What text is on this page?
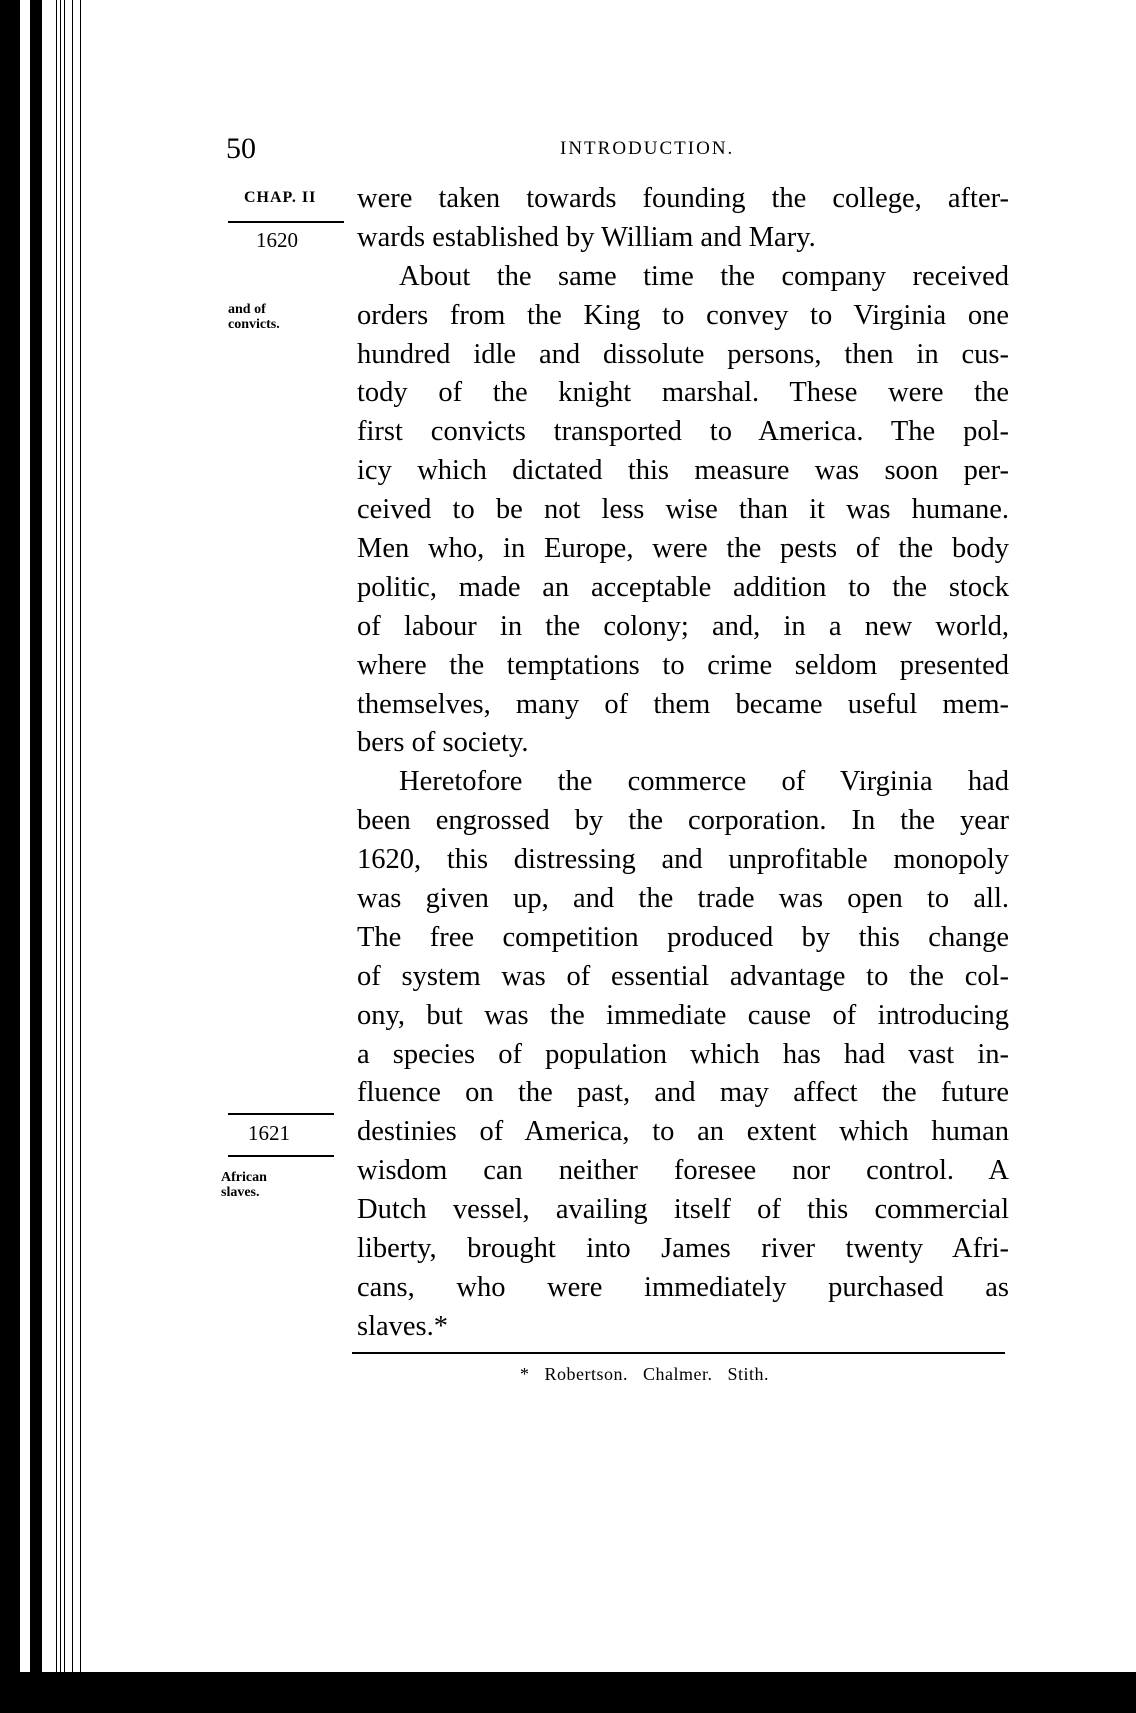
50	INTRODUCTION.
CHAP. II
1620
and of
convicts.
1621
African
slaves.
were taken towards founding the college, after-
wards established by William and Mary.
About the same time the company received
orders from the King to convey to Virginia one
hundred idle and dissolute persons, then in cus-
tody of the knight marshal. These were the
first convicts transported to America. The pol-
icy which dictated this measure was soon per-
ceived to be not less wise than it was humane.
Men who, in Europe, were the pests of the body
politic, made an acceptable addition to the stock
of labour in the colony; and, in a new world,
where the temptations to crime seldom presented
themselves, many of them became useful mem-
bers of society.
Heretofore the commerce of Virginia had
been engrossed by the corporation. In the year
1620, this distressing and unprofitable monopoly
was given up, and the trade was open to all.
The free competition produced by this change
of system was of essential advantage to the col-
ony, but was the immediate cause of introducing
a species of population which has had vast in-
fluence on the past, and may affect the future
destinies of America, to an extent which human
wisdom can neither foresee nor control. A
Dutch vessel, availing itself of this commercial
liberty, brought into James river twenty Afri-
cans, who were immediately purchased as
slaves.*
* Robertson. Chalmer. Stith.
